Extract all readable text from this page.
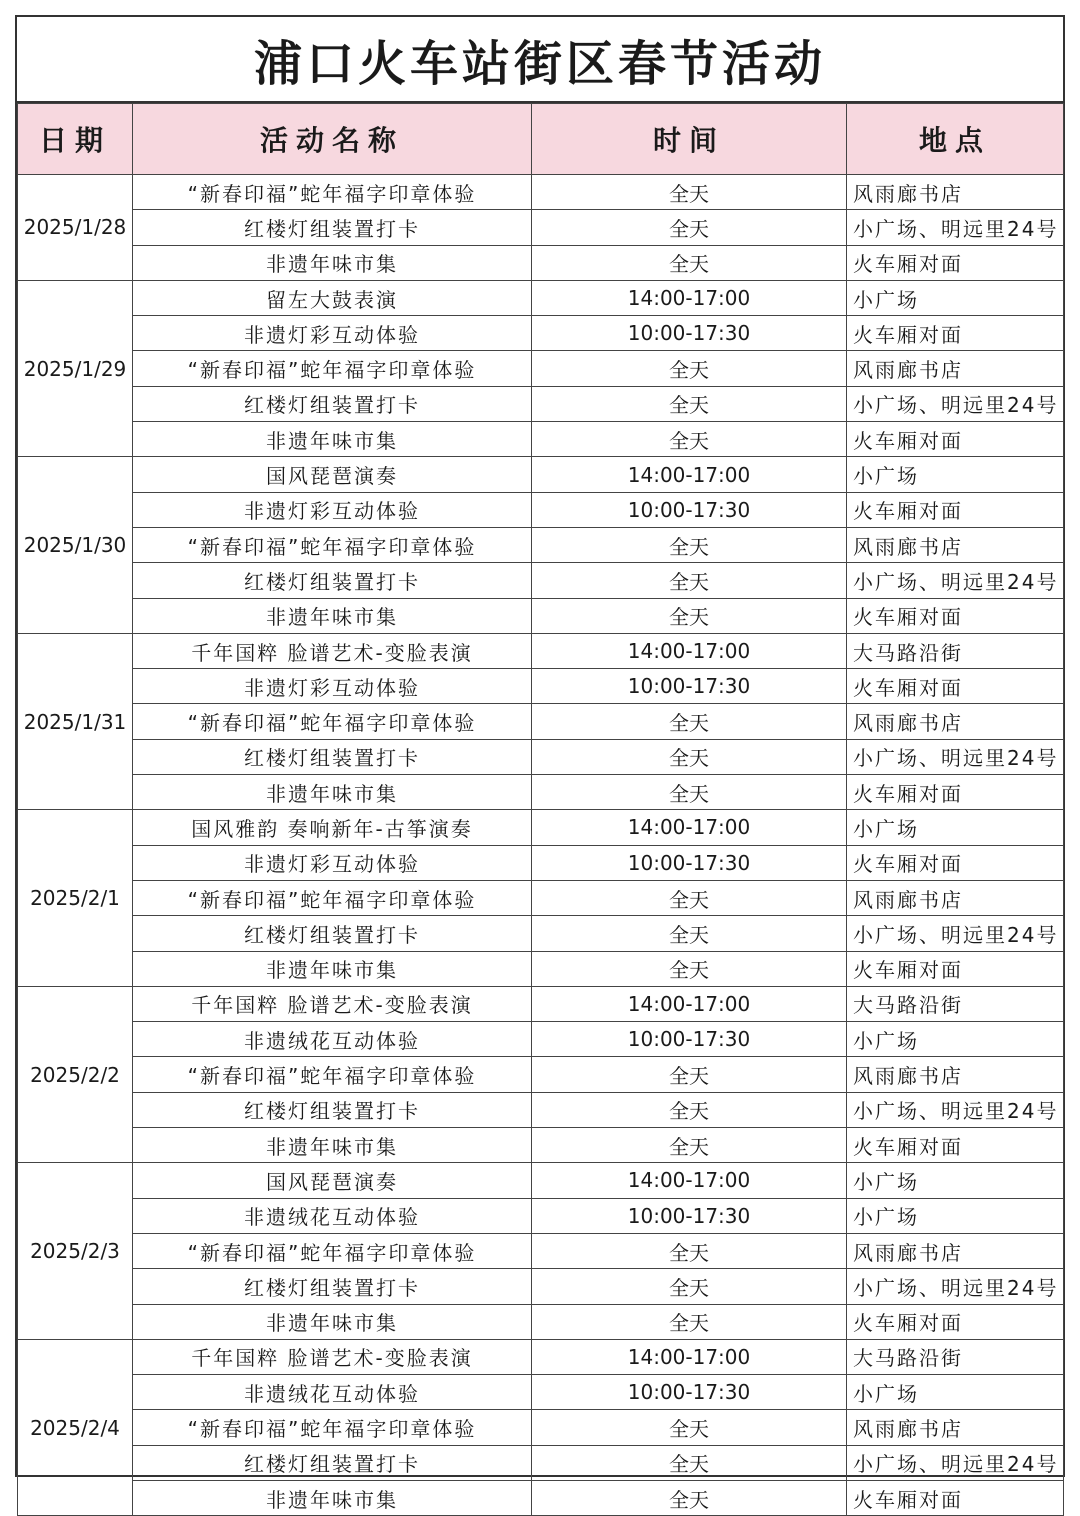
浦口火车站街区春节活动
日期	活动名称	时间	地点
2025/1/28	“新春印福”蛇年福字印章体验	全天	风雨廊书店
	红楼灯组装置打卡	全天	小广场、明远里24号
	非遗年味市集	全天	火车厢对面
2025/1/29	留左大鼓表演	14:00-17:00	小广场
	非遗灯彩互动体验	10:00-17:30	火车厢对面
	“新春印福”蛇年福字印章体验	全天	风雨廊书店
	红楼灯组装置打卡	全天	小广场、明远里24号
	非遗年味市集	全天	火车厢对面
2025/1/30	国风琵琶演奏	14:00-17:00	小广场
	非遗灯彩互动体验	10:00-17:30	火车厢对面
	“新春印福”蛇年福字印章体验	全天	风雨廊书店
	红楼灯组装置打卡	全天	小广场、明远里24号
	非遗年味市集	全天	火车厢对面
2025/1/31	千年国粹 脸谱艺术-变脸表演	14:00-17:00	大马路沿街
	非遗灯彩互动体验	10:00-17:30	火车厢对面
	“新春印福”蛇年福字印章体验	全天	风雨廊书店
	红楼灯组装置打卡	全天	小广场、明远里24号
	非遗年味市集	全天	火车厢对面
2025/2/1	国风雅韵 奏响新年-古筝演奏	14:00-17:00	小广场
	非遗灯彩互动体验	10:00-17:30	火车厢对面
	“新春印福”蛇年福字印章体验	全天	风雨廊书店
	红楼灯组装置打卡	全天	小广场、明远里24号
	非遗年味市集	全天	火车厢对面
2025/2/2	千年国粹 脸谱艺术-变脸表演	14:00-17:00	大马路沿街
	非遗绒花互动体验	10:00-17:30	小广场
	“新春印福”蛇年福字印章体验	全天	风雨廊书店
	红楼灯组装置打卡	全天	小广场、明远里24号
	非遗年味市集	全天	火车厢对面
2025/2/3	国风琵琶演奏	14:00-17:00	小广场
	非遗绒花互动体验	10:00-17:30	小广场
	“新春印福”蛇年福字印章体验	全天	风雨廊书店
	红楼灯组装置打卡	全天	小广场、明远里24号
	非遗年味市集	全天	火车厢对面
2025/2/4	千年国粹 脸谱艺术-变脸表演	14:00-17:00	大马路沿街
	非遗绒花互动体验	10:00-17:30	小广场
	“新春印福”蛇年福字印章体验	全天	风雨廊书店
	红楼灯组装置打卡	全天	小广场、明远里24号
	非遗年味市集	全天	火车厢对面
